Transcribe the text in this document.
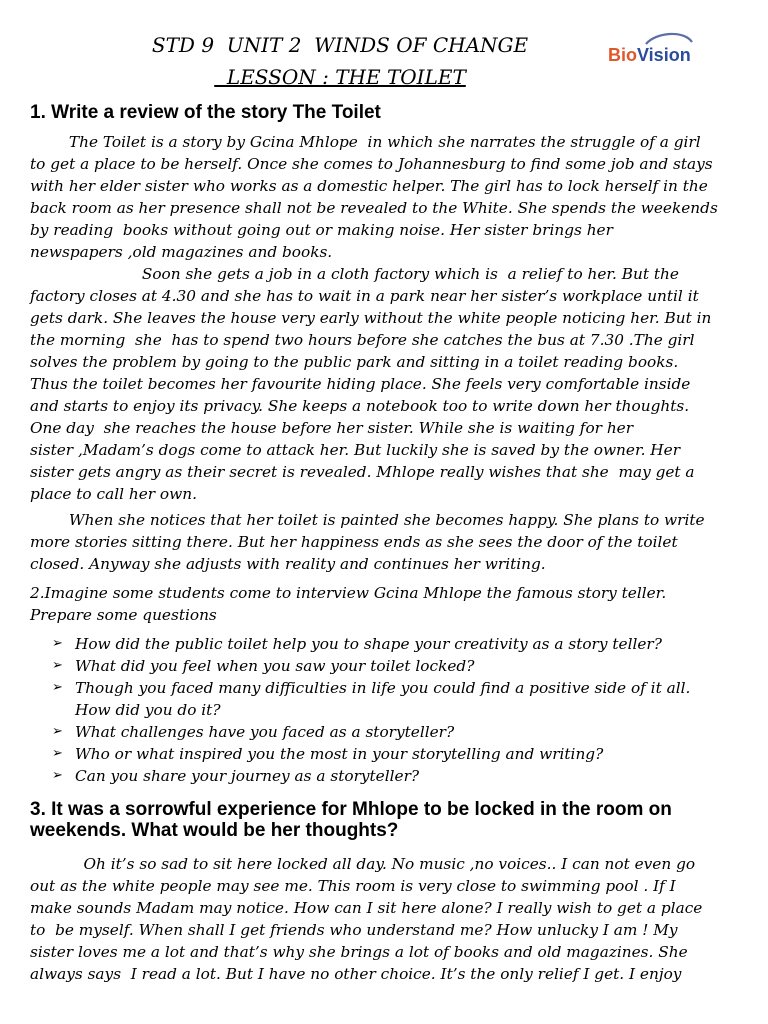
STD 9  UNIT 2  WINDS OF CHANGE
LESSON : THE TOILET
Bio Vision
1. Write a review of the story The Toilet
The Toilet is a story by Gcina Mhlope  in which she narrates the struggle of a girl
to get a place to be herself. Once she comes to Johannesburg to find some job and stays
with her elder sister who works as a domestic helper. The girl has to lock herself in the
back room as her presence shall not be revealed to the White. She spends the weekends
by reading  books without going out or making noise. Her sister brings her
newspapers ,old magazines and books.
Soon she gets a job in a cloth factory which is  a relief to her. But the
factory closes at 4.30 and she has to wait in a park near her sister’s workplace until it
gets dark. She leaves the house very early without the white people noticing her. But in
the morning  she  has to spend two hours before she catches the bus at 7.30 .The girl
solves the problem by going to the public park and sitting in a toilet reading books.
Thus the toilet becomes her favourite hiding place. She feels very comfortable inside
and starts to enjoy its privacy. She keeps a notebook too to write down her thoughts.
One day  she reaches the house before her sister. While she is waiting for her
sister ,Madam’s dogs come to attack her. But luckily she is saved by the owner. Her
sister gets angry as their secret is revealed. Mhlope really wishes that she  may get a
place to call her own.
When she notices that her toilet is painted she becomes happy. She plans to write
more stories sitting there. But her happiness ends as she sees the door of the toilet
closed. Anyway she adjusts with reality and continues her writing.
2.Imagine some students come to interview Gcina Mhlope the famous story teller.
Prepare some questions
➢ How did the public toilet help you to shape your creativity as a story teller?
➢ What did you feel when you saw your toilet locked?
➢ Though you faced many difficulties in life you could find a positive side of it all.
How did you do it?
➢ What challenges have you faced as a storyteller?
➢ Who or what inspired you the most in your storytelling and writing?
➢ Can you share your journey as a storyteller?
3. It was a sorrowful experience for Mhlope to be locked in the room on
weekends. What would be her thoughts?
Oh it’s so sad to sit here locked all day. No music ,no voices.. I can not even go
out as the white people may see me. This room is very close to swimming pool . If I
make sounds Madam may notice. How can I sit here alone? I really wish to get a place
to  be myself. When shall I get friends who understand me? How unlucky I am ! My
sister loves me a lot and that’s why she brings a lot of books and old magazines. She
always says  I read a lot. But I have no other choice. It’s the only relief I get. I enjoy
